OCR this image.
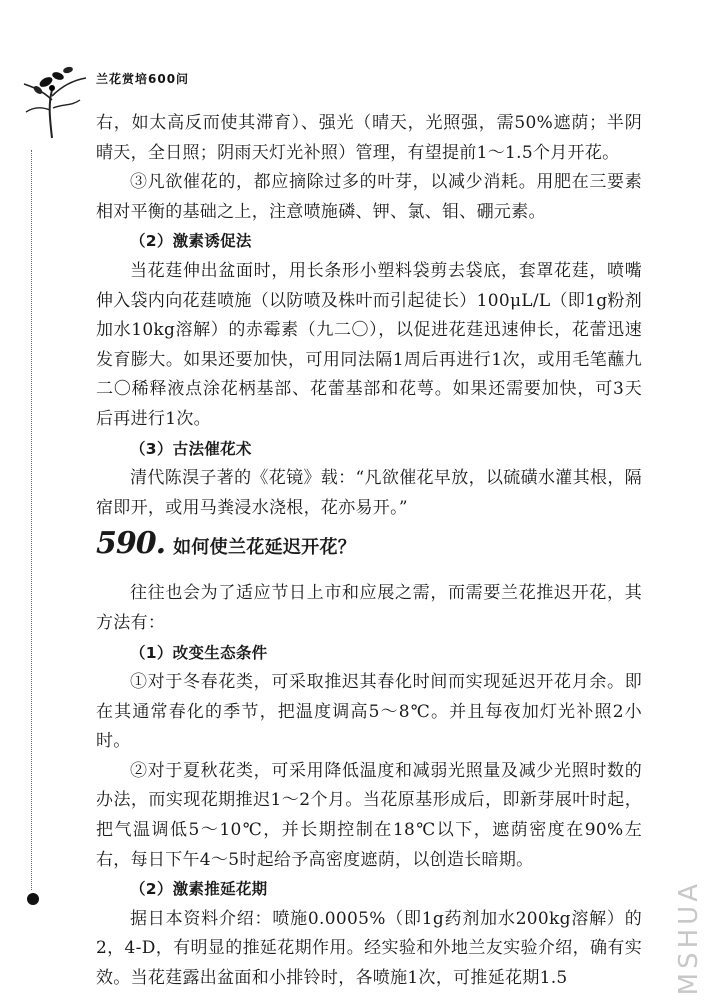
兰花赏培600问

右，如太高反而使其滞育）、强光（晴天，光照强，需50%遮荫；半阴晴天，全日照；阴雨天灯光补照）管理，有望提前1～1.5个月开花。

③凡欲催花的，都应摘除过多的叶芽，以减少消耗。用肥在三要素相对平衡的基础之上，注意喷施磷、钾、氯、钼、硼元素。

（2）激素诱促法

当花莛伸出盆面时，用长条形小塑料袋剪去袋底，套罩花莛，喷嘴伸入袋内向花莛喷施（以防喷及株叶而引起徒长）100μL/L（即1g粉剂加水10kg溶解）的赤霉素（九二〇），以促进花莛迅速伸长，花蕾迅速发育膨大。如果还要加快，可用同法隔1周后再进行1次，或用毛笔蘸九二〇稀释液点涂花柄基部、花蕾基部和花萼。如果还需要加快，可3天后再进行1次。

（3）古法催花术

清代陈淏子著的《花镜》载：“凡欲催花早放，以硫磺水灌其根，隔宿即开，或用马粪浸水浇根，花亦易开。”

590. 如何使兰花延迟开花？

往往也会为了适应节日上市和应展之需，而需要兰花推迟开花，其方法有：

（1）改变生态条件

①对于冬春花类，可采取推迟其春化时间而实现延迟开花月余。即在其通常春化的季节，把温度调高5～8℃。并且每夜加灯光补照2小时。

②对于夏秋花类，可采用降低温度和减弱光照量及减少光照时数的办法，而实现花期推迟1～2个月。当花原基形成后，即新芽展叶时起，把气温调低5～10℃，并长期控制在18℃以下，遮荫密度在90%左右，每日下午4～5时起给予高密度遮荫，以创造长暗期。

（2）激素推延花期

据日本资料介绍：喷施0.0005%（即1g药剂加水200kg溶解）的2，4-D，有明显的推延花期作用。经实验和外地兰友实验介绍，确有实效。当花莛露出盆面和小排铃时，各喷施1次，可推延花期1.5	MSHUA
